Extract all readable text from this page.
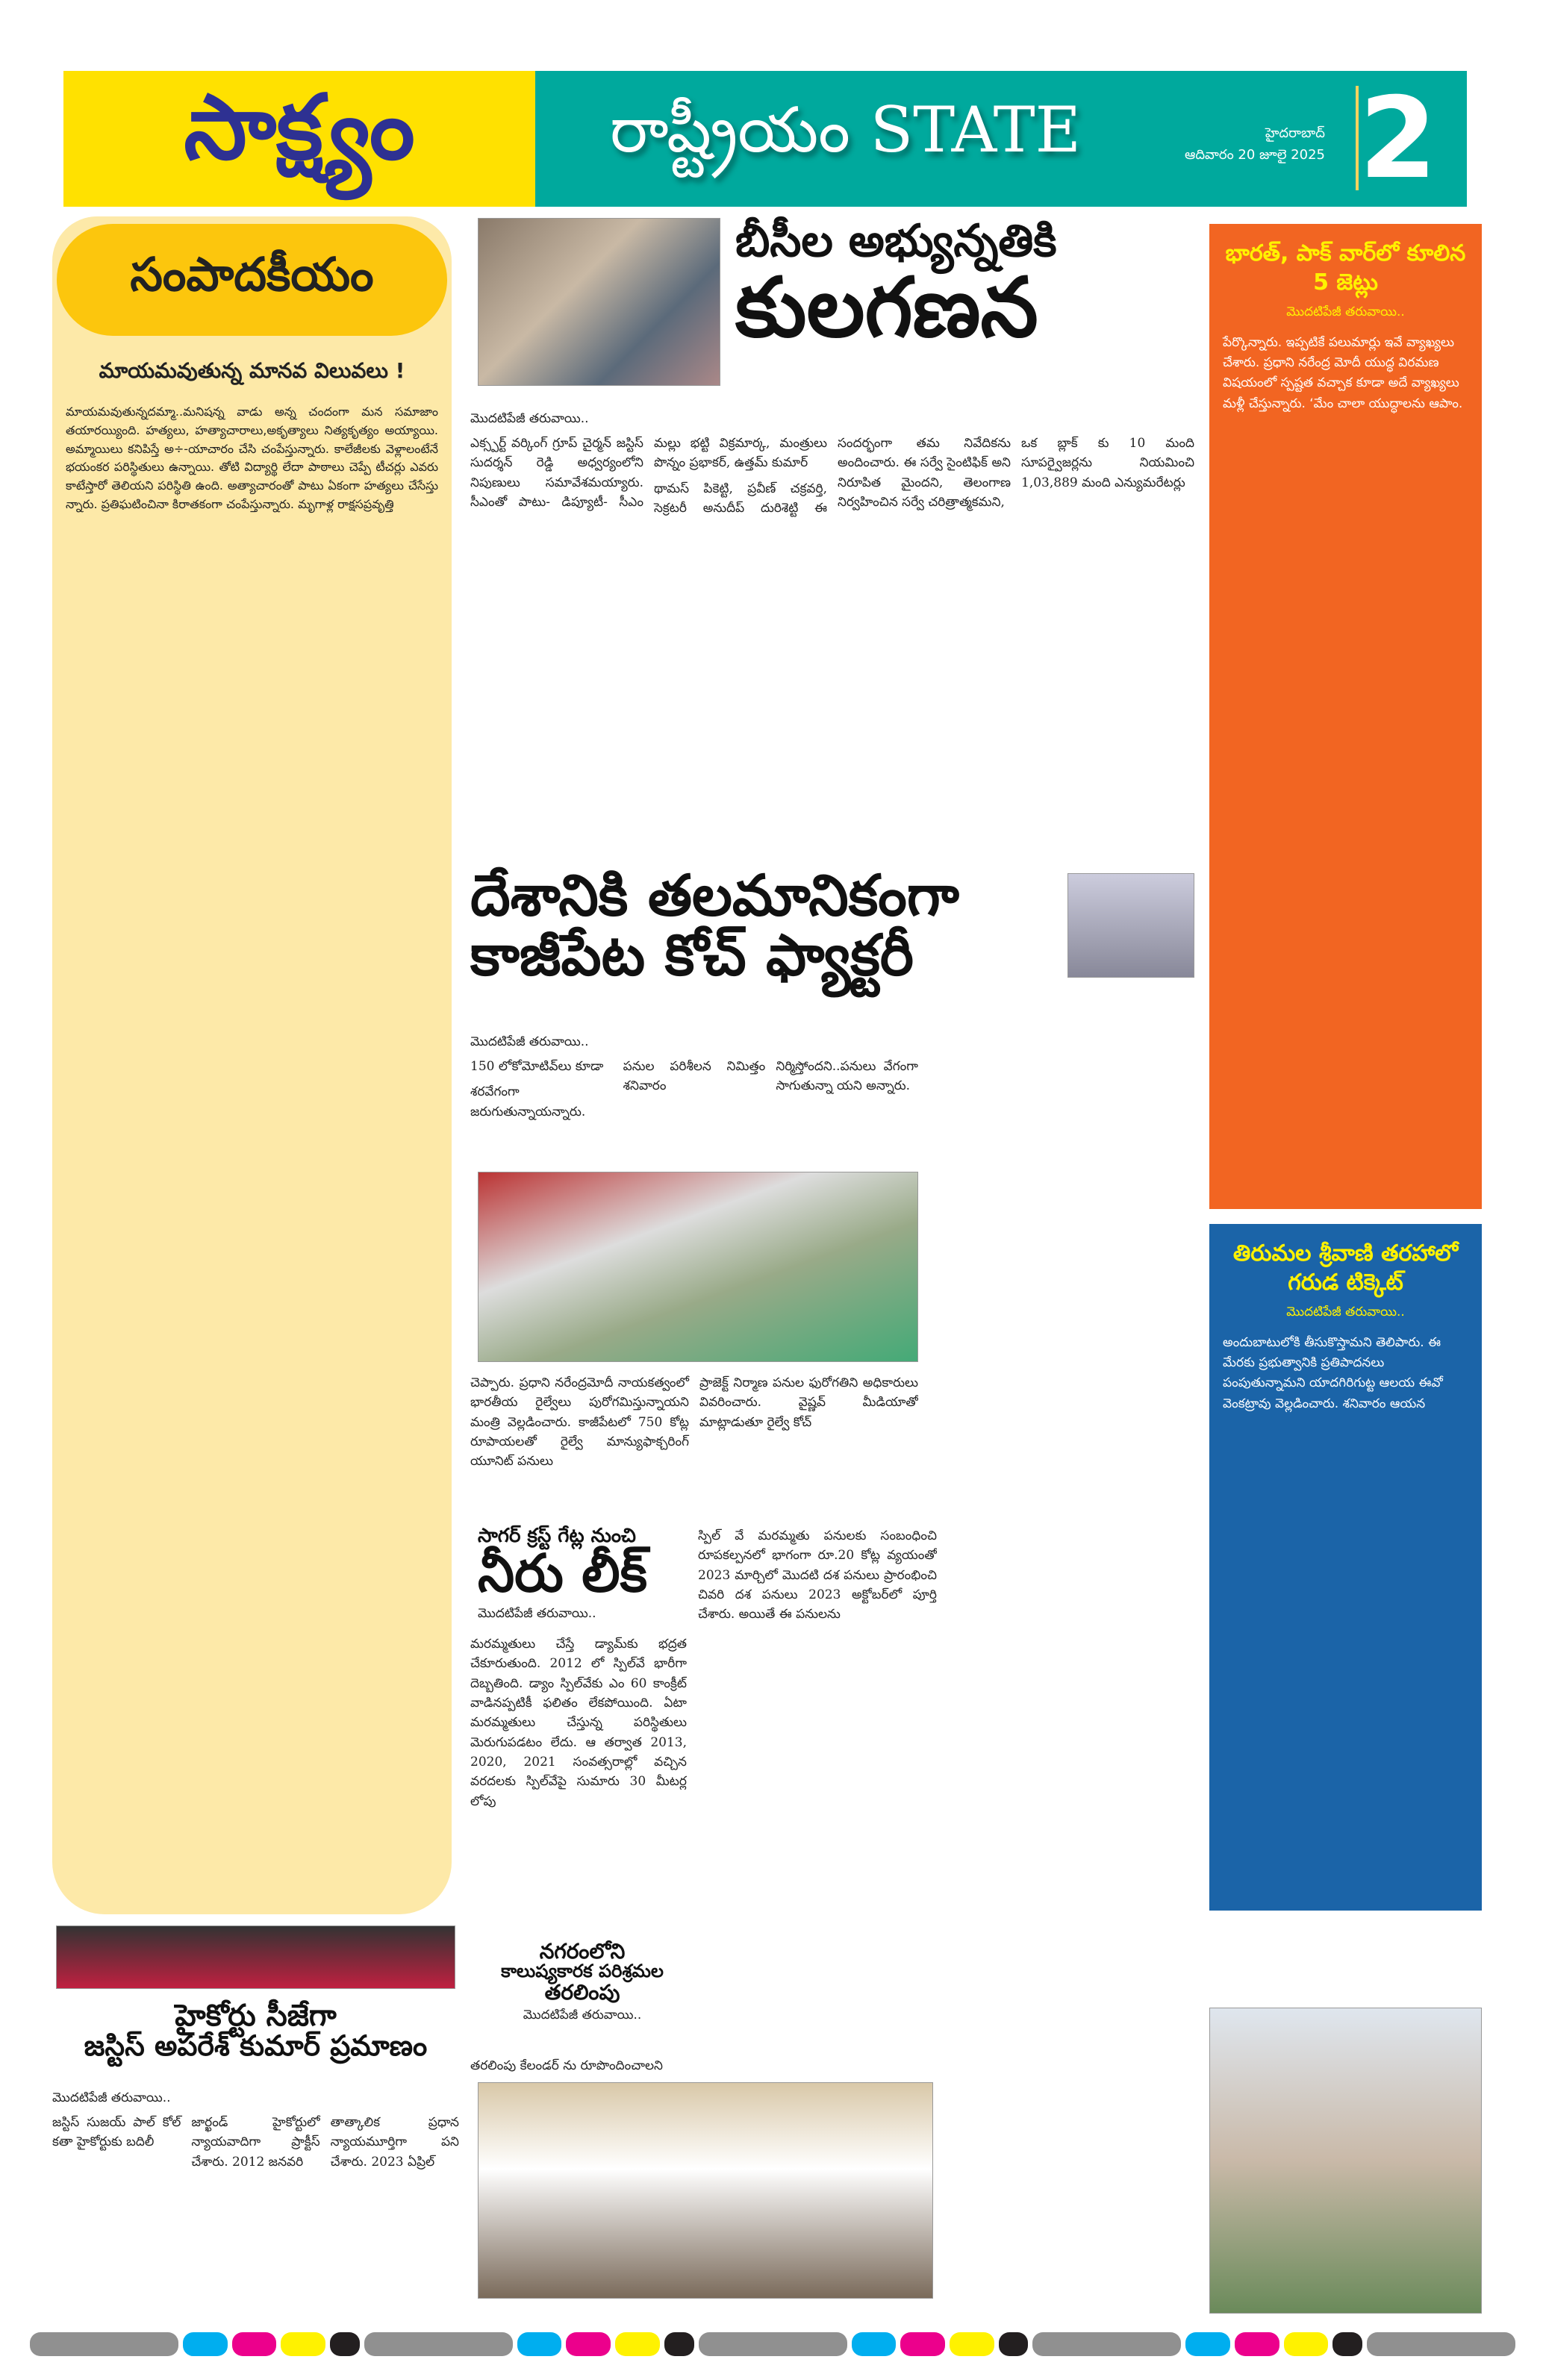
సాక్ష్యం	రాష్ట్రీయం STATE	హైదరాబాద్
ఆదివారం 20 జూలై 2025 2
సంపాదకీయం
మాయమవుతున్న మానవ విలువలు !

మాయమవుతున్నదమ్మా..మనిషన్న వాడు అన్న చందంగా మన సమాజాం తయారయ్యింది. హత్యలు, హత్యాచారాలు,అకృత్యాలు నిత్యకృత్యం అయ్యాయి. అమ్మాయిలు కనిపిస్తే అ÷-యాచారం చేసి చంపేస్తున్నారు. కాలేజీలకు వెళ్లాలంటేనే భయంకర పరిస్థితులు ఉన్నాయి. తోటి విద్యార్థి లేదా పాఠాలు చెప్పే టీచర్లు ఎవరు కాటేస్తారో తెలియని పరిస్థితి ఉంది. అత్యాచారంతో పాటు ఏకంగా హత్యలు చేసేస్తు న్నారు. ప్రతిఘటించినా కిరాతకంగా చంపేస్తున్నారు. మృగాళ్ల రాక్షసప్రవృత్తి

బీసీల అభ్యున్నతికి
కులగణన
మొదటిపేజీ తరువాయి..

ఎక్స్పర్ట్ వర్కింగ్ గ్రూప్ చైర్మన్ జస్టిస్ సుదర్శన్ రెడ్డి అధ్వర్యంలోని నిపుణులు సమావేశమయ్యారు. సీఎంతో పాటు- డిప్యూటీ- సీఎం మల్లు భట్టి విక్రమార్క, మంత్రులు పొన్నం ప్రభాకర్, ఉత్తమ్ కుమార్

థామస్ పికెట్టి, ప్రవీణ్ చక్రవర్తి, సెక్రటరీ అనుదీప్ దురిశెట్టి ఈ సందర్భంగా తమ నివేదికను అందించారు. ఈ సర్వే సైంటిఫిక్ అని నిరూపిత మైందని, తెలంగాణ నిర్వహించిన సర్వే చరిత్రాత్మకమని,

ఒక బ్లాక్ కు 10 మంది సూపర్వైజర్లను నియమించి 1,03,889 మంది ఎన్యుమరేటర్లు

దేశానికి తలమానికంగా
కాజీపేట కోచ్ ఫ్యాక్టరీ
మొదటిపేజీ తరువాయి..

150 లోకోమోటివ్‌లు కూడా

శరవేగంగా జరుగుతున్నాయన్నారు. పనుల పరిశీలన నిమిత్తం శనివారం

నిర్మిస్తోందని..పనులు వేగంగా సాగుతున్నా యని అన్నారు.

చెప్పారు. ప్రధాని నరేంద్రమోదీ నాయకత్వంలో భారతీయ రైల్వేలు పురోగమిస్తున్నాయని మంత్రి వెల్లడించారు. కాజీపేటలో 750 కోట్ల రూపాయలతో రైల్వే మాన్యుఫాక్చరింగ్ యూనిట్ పనులు

ప్రాజెక్ట్ నిర్మాణ పనుల ఫురోగతిని అధికారులు వివరించారు. వైష్ణవ్ మీడియాతో మాట్లాడుతూ రైల్వే కోచ్

సాగర్ క్రస్ట్ గేట్ల నుంచి
నీరు లీక్
మొదటిపేజీ తరువాయి..

మరమ్మతులు చేస్తే డ్యామ్‌కు భద్రత చేకూరుతుంది. 2012 లో స్పిల్‌వే భారీగా దెబ్బతింది. డ్యాం స్పిల్‌వేకు ఎం 60 కాంక్రీట్ వాడినప్పటికీ ఫలితం లేకపోయింది. ఏటా మరమ్మతులు చేస్తున్న పరిస్థితులు మెరుగుపడటం లేదు. ఆ తర్వాత 2013, 2020, 2021 సంవత్సరాల్లో వచ్చిన వరదలకు స్పిల్‌వేపై సుమారు 30 మీటర్ల లోపు

స్పిల్ వే మరమ్మతు పనులకు సంబంధించి రూపకల్పనలో భాగంగా రూ.20 కోట్ల వ్యయంతో 2023 మార్చిలో మొదటి దశ పనులు ప్రారంభించి చివరి దశ పనులు 2023 అక్టోబర్‌లో పూర్తి చేశారు. అయితే ఈ పనులను

నగరంలోని
కాలుష్యకారక పరిశ్రమల
తరలింపు
మొదటిపేజీ తరువాయి..

తరలింపు కేలండర్ ను రూపొందించాలని

హైకోర్టు సీజేగా
జస్టిస్ అపరేశ్ కుమార్ ప్రమాణం
మొదటిపేజీ తరువాయి..

జస్టిస్ సుజయ్ పాల్ కోల్ కతా హైకోర్టుకు బదిలీ

జార్ఖండ్ హైకోర్టులో న్యాయవాదిగా ప్రాక్టీస్ చేశారు. 2012 జనవరి

తాత్కాలిక ప్రధాన న్యాయమూర్తిగా పని చేశారు. 2023 ఏప్రిల్

భారత్, పాక్ వార్‌లో కూలిన 5 జెట్లు
మొదటిపేజీ తరువాయి..

పేర్కొన్నారు. ఇప్పటికే పలుమార్లు ఇవే వ్యాఖ్యలు చేశారు. ప్రధాని నరేంద్ర మోదీ యుద్ధ విరమణ విషయంలో స్పష్టత వచ్చాక కూడా అదే వ్యాఖ్యలు మళ్లీ చేస్తున్నారు. ‘మేం చాలా యుద్ధాలను ఆపాం.

తిరుమల శ్రీవాణి తరహాలో గరుడ టిక్కెట్
మొదటిపేజీ తరువాయి..

అందుబాటులోకి తీసుకొస్తామని తెలిపారు. ఈ మేరకు ప్రభుత్వానికి ప్రతిపాదనలు పంపుతున్నామని యాదగిరిగుట్ట ఆలయ ఈవో వెంకట్రావు వెల్లడించారు. శనివారం ఆయన
